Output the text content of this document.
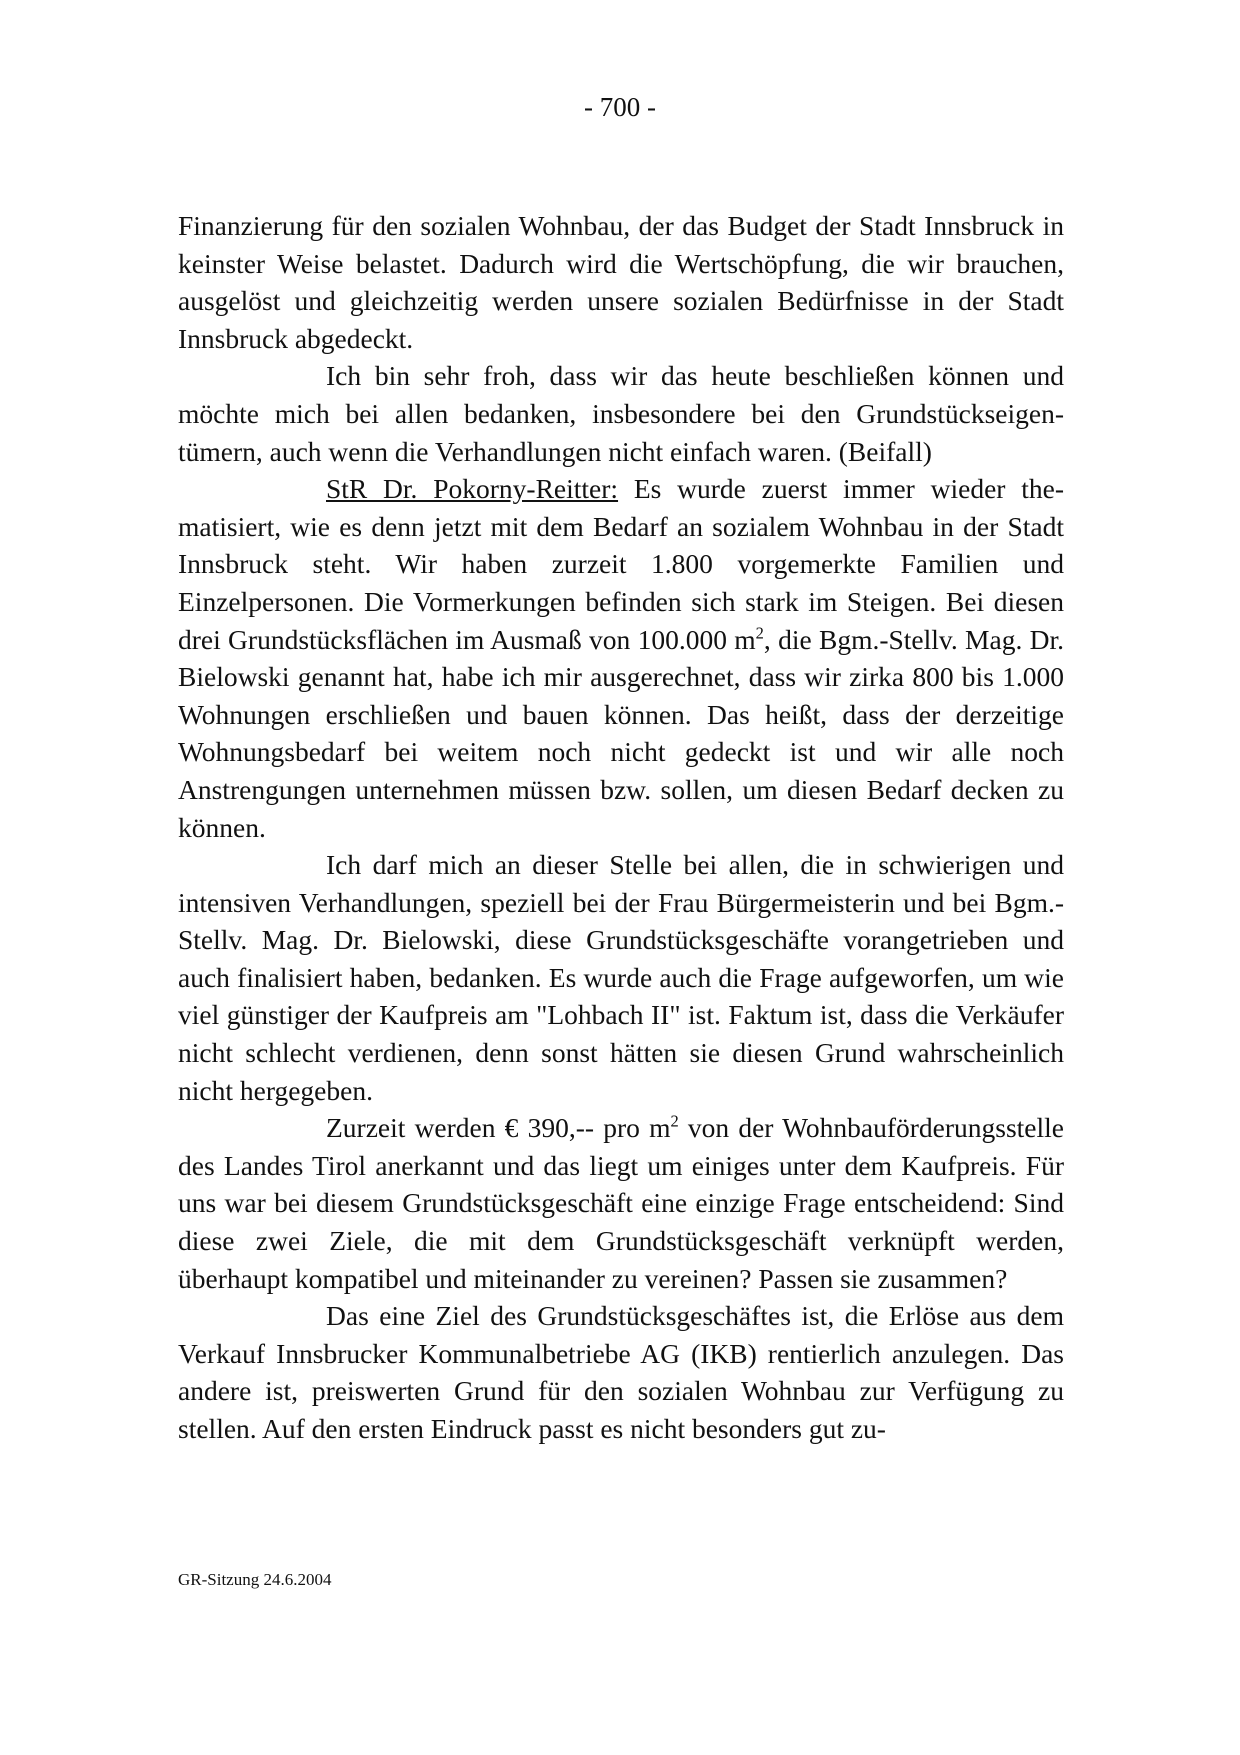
- 700 -

Finanzierung für den sozialen Wohnbau, der das Budget der Stadt Innsbruck in keinster Weise belastet. Dadurch wird die Wertschöpfung, die wir brauchen, ausgelöst und gleichzeitig werden unsere sozialen Bedürfnisse in der Stadt Innsbruck abgedeckt.

Ich bin sehr froh, dass wir das heute beschließen können und möchte mich bei allen bedanken, insbesondere bei den Grundstückseigentümern, auch wenn die Verhandlungen nicht einfach waren. (Beifall)

StR Dr. Pokorny-Reitter: Es wurde zuerst immer wieder thematisiert, wie es denn jetzt mit dem Bedarf an sozialem Wohnbau in der Stadt Innsbruck steht. Wir haben zurzeit 1.800 vorgemerkte Familien und Einzelpersonen. Die Vormerkungen befinden sich stark im Steigen. Bei diesen drei Grundstücksflächen im Ausmaß von 100.000 $m^2$, die Bgm.-Stellv. Mag. Dr. Bielowski genannt hat, habe ich mir ausgerechnet, dass wir zirka 800 bis 1.000 Wohnungen erschließen und bauen können. Das heißt, dass der derzeitige Wohnungsbedarf bei weitem noch nicht gedeckt ist und wir alle noch Anstrengungen unternehmen müssen bzw. sollen, um diesen Bedarf decken zu können.

Ich darf mich an dieser Stelle bei allen, die in schwierigen und intensiven Verhandlungen, speziell bei der Frau Bürgermeisterin und bei Bgm.-Stellv. Mag. Dr. Bielowski, diese Grundstücksgeschäfte vorangetrieben und auch finalisiert haben, bedanken. Es wurde auch die Frage aufgeworfen, um wie viel günstiger der Kaufpreis am "Lohbach II" ist. Faktum ist, dass die Verkäufer nicht schlecht verdienen, denn sonst hätten sie diesen Grund wahrscheinlich nicht hergegeben.

Zurzeit werden € 390,-- pro $m^2$ von der Wohnbauförderungsstelle des Landes Tirol anerkannt und das liegt um einiges unter dem Kaufpreis. Für uns war bei diesem Grundstücksgeschäft eine einzige Frage entscheidend: Sind diese zwei Ziele, die mit dem Grundstücksgeschäft verknüpft werden, überhaupt kompatibel und miteinander zu vereinen? Passen sie zusammen?

Das eine Ziel des Grundstücksgeschäftes ist, die Erlöse aus dem Verkauf Innsbrucker Kommunalbetriebe AG (IKB) rentierlich anzulegen. Das andere ist, preiswerten Grund für den sozialen Wohnbau zur Verfügung zu stellen. Auf den ersten Eindruck passt es nicht besonders gut zu-

GR-Sitzung 24.6.2004
